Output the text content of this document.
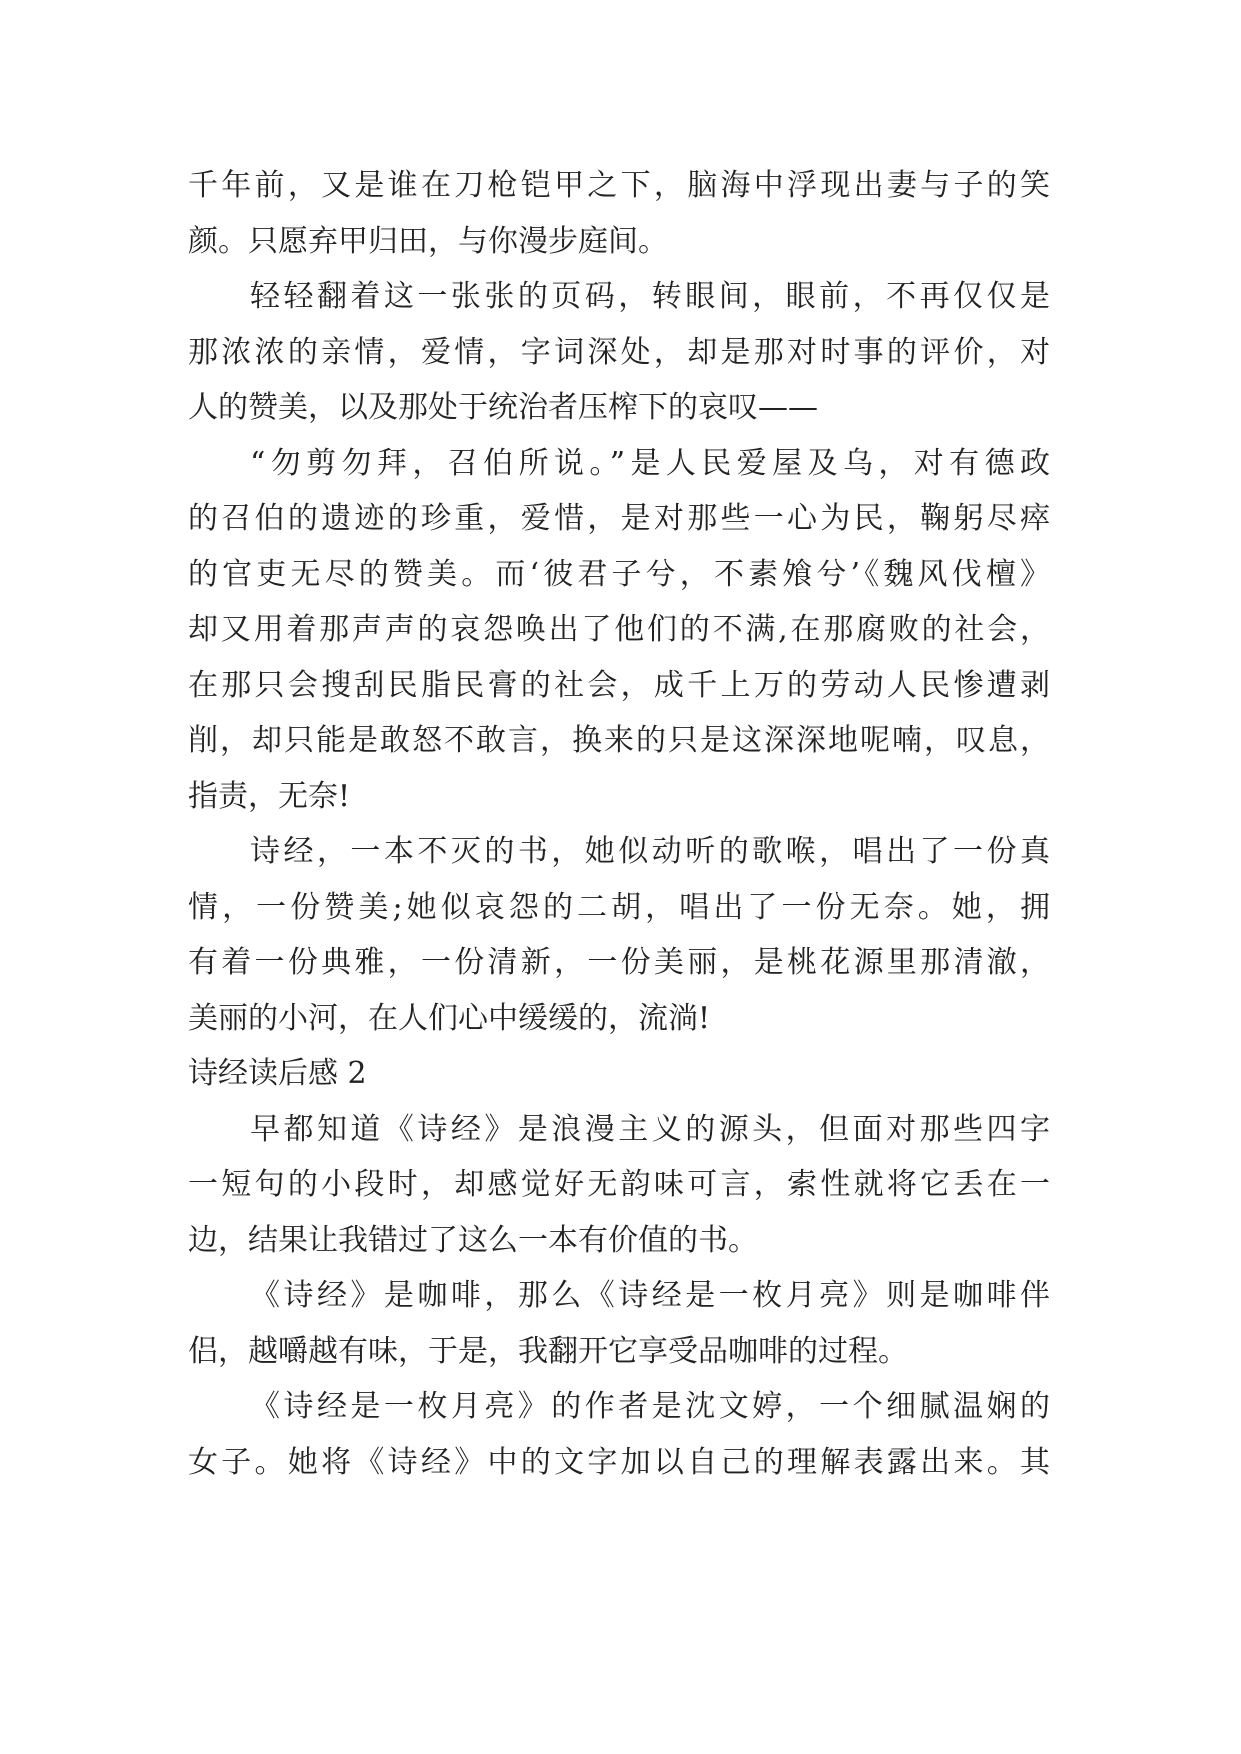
千年前，又是谁在刀枪铠甲之下，脑海中浮现出妻与子的笑
颜。只愿弃甲归田，与你漫步庭间。
轻轻翻着这一张张的页码，转眼间，眼前，不再仅仅是
那浓浓的亲情，爱情，字词深处，却是那对时事的评价，对
人的赞美，以及那处于统治者压榨下的哀叹——
“勿剪勿拜，召伯所说。”是人民爱屋及乌，对有德政
的召伯的遗迹的珍重，爱惜，是对那些一心为民，鞠躬尽瘁
的官吏无尽的赞美。而‘彼君子兮，不素飧兮’《魏风伐檀》
却又用着那声声的哀怨唤出了他们的不满,在那腐败的社会，
在那只会搜刮民脂民膏的社会，成千上万的劳动人民惨遭剥
削，却只能是敢怒不敢言，换来的只是这深深地呢喃，叹息，
指责，无奈!
诗经，一本不灭的书，她似动听的歌喉，唱出了一份真
情，一份赞美;她似哀怨的二胡，唱出了一份无奈。她，拥
有着一份典雅，一份清新，一份美丽，是桃花源里那清澈，
美丽的小河，在人们心中缓缓的，流淌!
诗经读后感 2
早都知道《诗经》是浪漫主义的源头，但面对那些四字
一短句的小段时，却感觉好无韵味可言，索性就将它丢在一
边，结果让我错过了这么一本有价值的书。
《诗经》是咖啡，那么《诗经是一枚月亮》则是咖啡伴
侣，越嚼越有味，于是，我翻开它享受品咖啡的过程。
《诗经是一枚月亮》的作者是沈文婷，一个细腻温娴的
女子。她将《诗经》中的文字加以自己的理解表露出来。其
